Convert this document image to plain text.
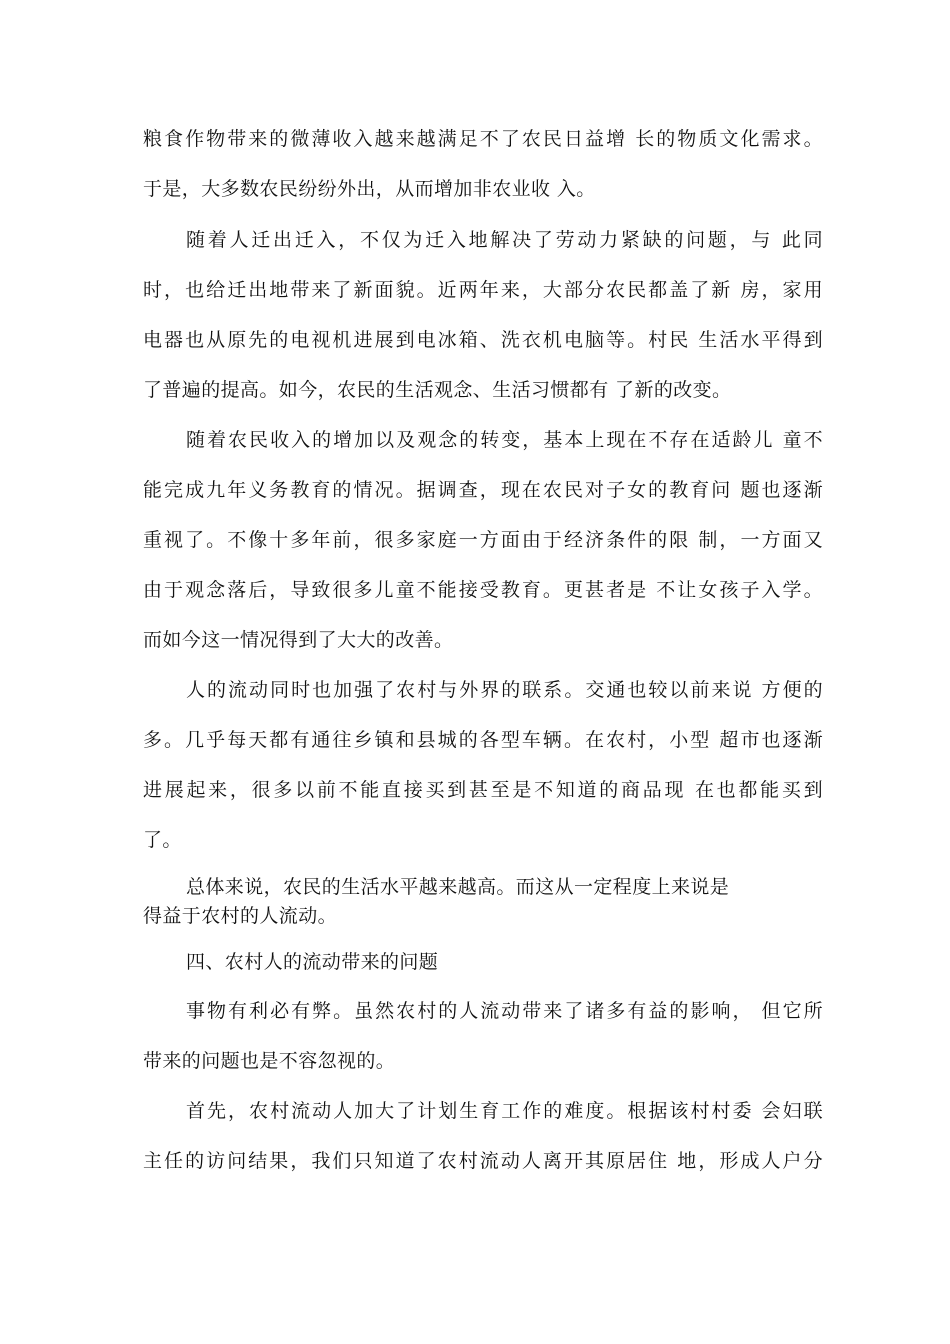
粮食作物带来的微薄收入越来越满足不了农民日益增 长的物质文化需求。
于是，大多数农民纷纷外出，从而增加非农业收 入。
随着人迁出迁入，不仅为迁入地解决了劳动力紧缺的问题，与 此同
时，也给迁出地带来了新面貌。近两年来，大部分农民都盖了新 房，家用
电器也从原先的电视机进展到电冰箱、洗衣机电脑等。村民 生活水平得到
了普遍的提高。如今，农民的生活观念、生活习惯都有 了新的改变。
随着农民收入的增加以及观念的转变，基本上现在不存在适龄儿 童不
能完成九年义务教育的情况。据调查，现在农民对子女的教育问 题也逐渐
重视了。不像十多年前，很多家庭一方面由于经济条件的限 制，一方面又
由于观念落后，导致很多儿童不能接受教育。更甚者是 不让女孩子入学。
而如今这一情况得到了大大的改善。
人的流动同时也加强了农村与外界的联系。交通也较以前来说 方便的
多。几乎每天都有通往乡镇和县城的各型车辆。在农村，小型 超市也逐渐
进展起来，很多以前不能直接买到甚至是不知道的商品现 在也都能买到
了。
总体来说，农民的生活水平越来越高。而这从一定程度上来说是
得益于农村的人流动。
四、农村人的流动带来的问题
事物有利必有弊。虽然农村的人流动带来了诸多有益的影响， 但它所
带来的问题也是不容忽视的。
首先，农村流动人加大了计划生育工作的难度。根据该村村委 会妇联
主任的访问结果，我们只知道了农村流动人离开其原居住 地，形成人户分
